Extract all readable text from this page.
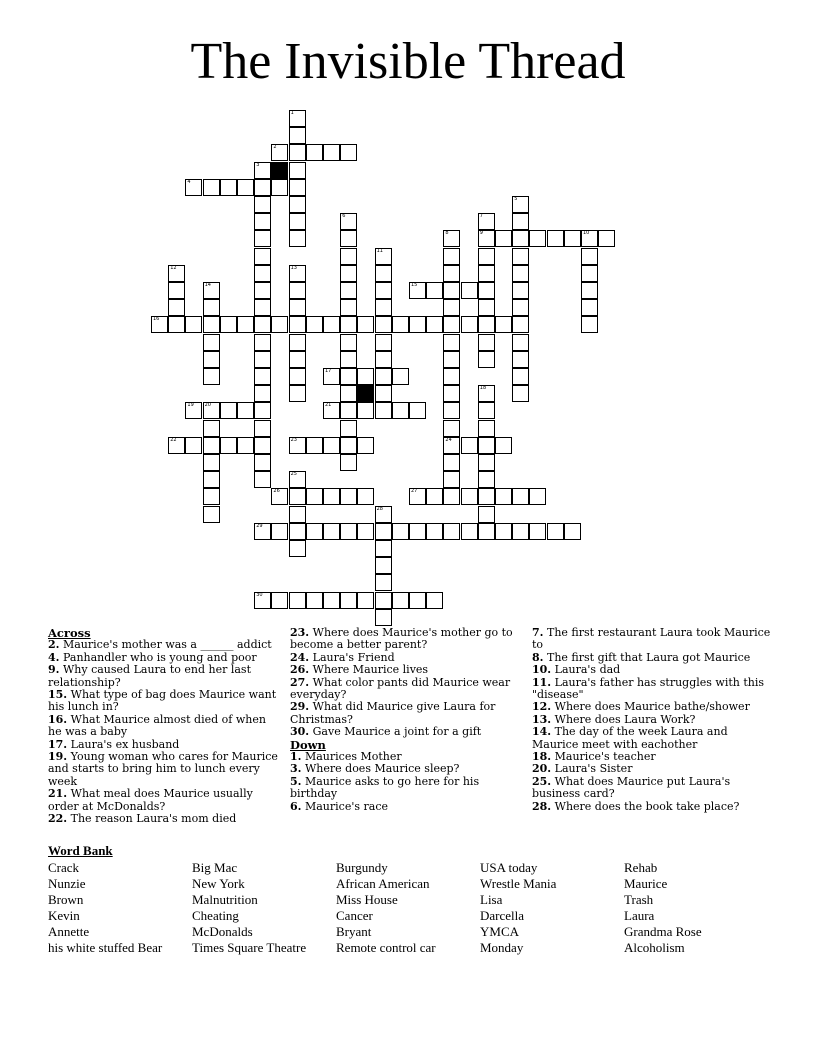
The Invisible Thread
1
2
3
4
5
6	7
9
8
24
10
11
12	13
14	15
16
17
18
19 20	21
22	23
25
26	27
28
29
30
Across
2. Maurice's mother was a ______ addict
4. Panhandler who is young and poor
9. Why caused Laura to end her last relationship?
15. What type of bag does Maurice want his lunch in?
16. What Maurice almost died of when he was a baby
17. Laura's ex husband
19. Young woman who cares for Maurice and starts to bring him to lunch every week
21. What meal does Maurice usually order at McDonalds?
22. The reason Laura's mom died
23. Where does Maurice's mother go to become a better parent?
24. Laura's Friend
26. Where Maurice lives
27. What color pants did Maurice wear everyday?
29. What did Maurice give Laura for Christmas?
30. Gave Maurice a joint for a gift
Down
1. Maurices Mother
3. Where does Maurice sleep?
5. Maurice asks to go here for his birthday
6. Maurice's race
7. The first restaurant Laura took Maurice to
8. The first gift that Laura got Maurice
10. Laura's dad
11. Laura's father has struggles with this "disease"
12. Where does Maurice bathe/shower
13. Where does Laura Work?
14. The day of the week Laura and Maurice meet with eachother
18. Maurice's teacher
20. Laura's Sister
25. What does Maurice put Laura's business card?
28. Where does the book take place?
Word Bank
Crack
Nunzie
Brown
Kevin
Annette
his white stuffed Bear
Big Mac
New York
Malnutrition
Cheating
McDonalds
Times Square Theatre
Burgundy
African American
Miss House
Cancer
Bryant
Remote control car
USA today
Wrestle Mania
Lisa
Darcella
YMCA
Monday
Rehab
Maurice
Trash
Laura
Grandma Rose
Alcoholism
